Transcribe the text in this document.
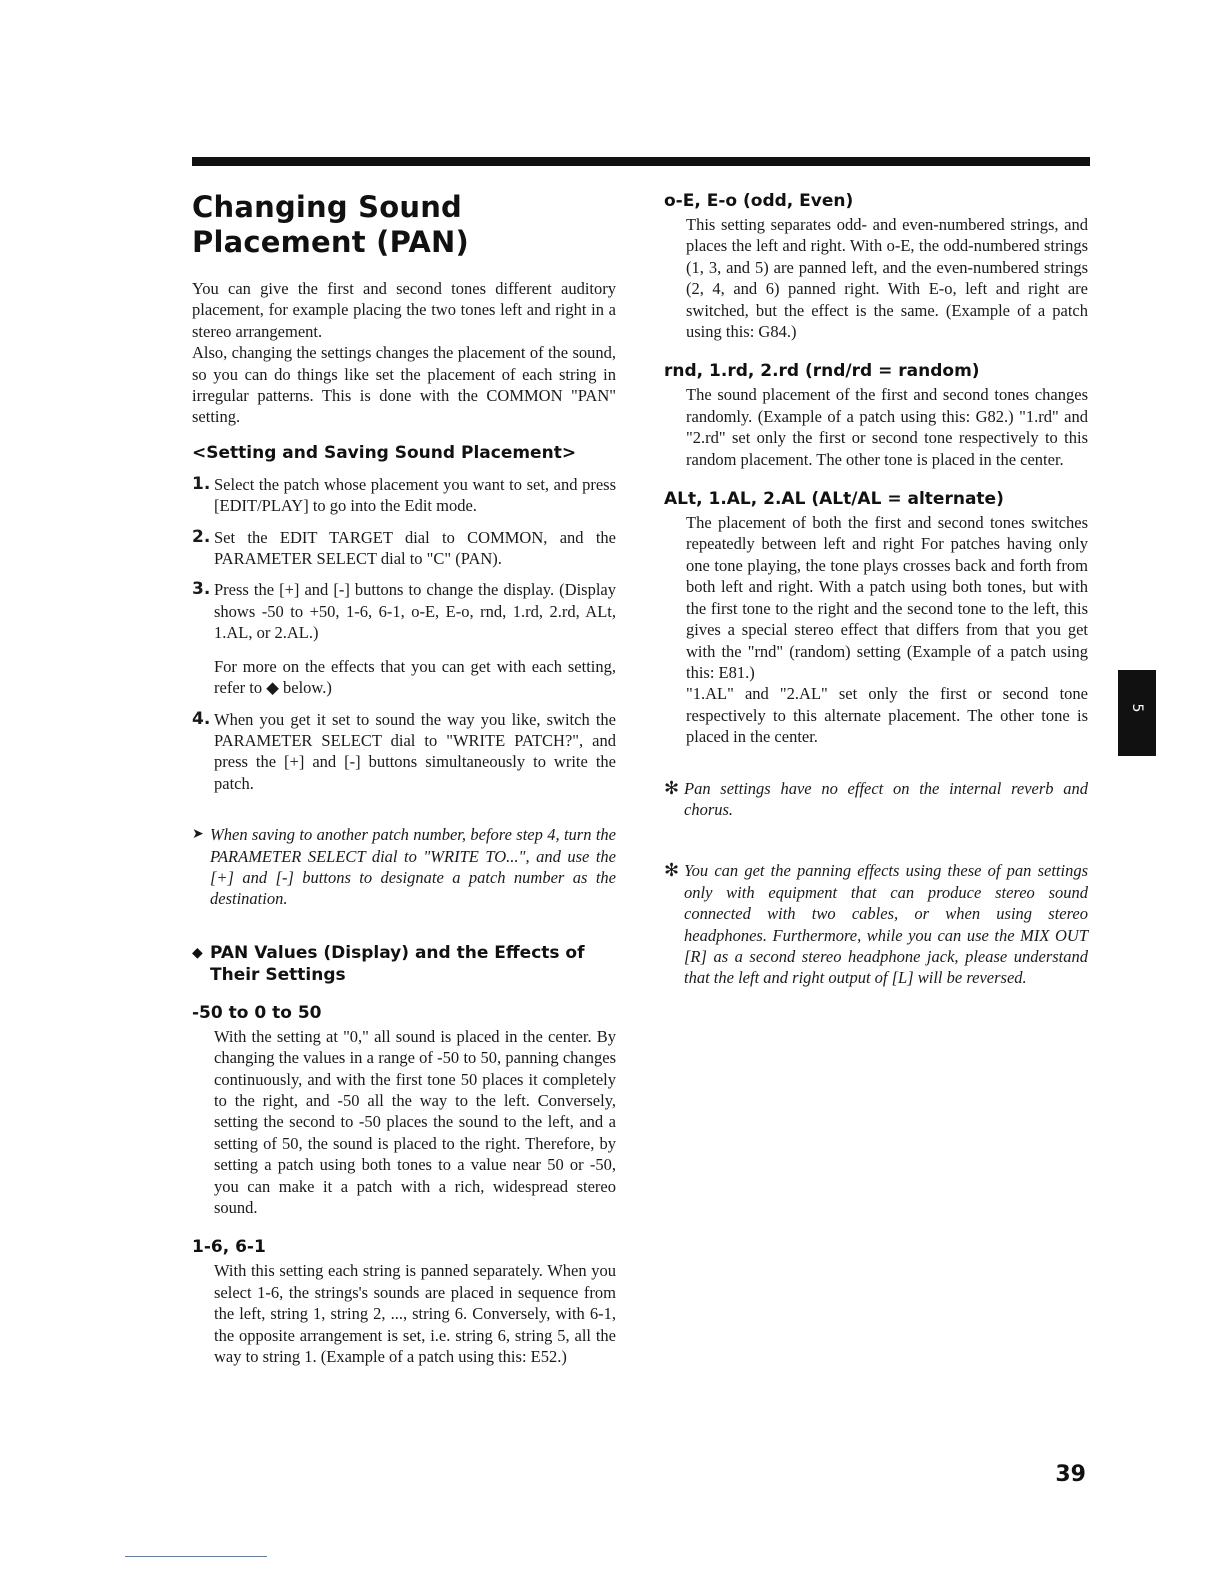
Changing Sound Placement (PAN)

You can give the first and second tones different auditory placement, for example placing the two tones left and right in a stereo arrangement.

Also, changing the settings changes the placement of the sound, so you can do things like set the placement of each string in irregular patterns. This is done with the COMMON "PAN" setting.

<Setting and Saving Sound Placement>
1. Select the patch whose placement you want to set, and press [EDIT/PLAY] to go into the Edit mode.

2. Set the EDIT TARGET dial to COMMON, and the PARAMETER SELECT dial to "C" (PAN).

3. Press the [+] and [-] buttons to change the display. (Display shows -50 to +50, 1-6, 6-1, o-E, E-o, rnd, 1.rd, 2.rd, ALt, 1.AL, or 2.AL.)

For more on the effects that you can get with each setting, refer to ◆ below.)

4. When you get it set to sound the way you like, switch the PARAMETER SELECT dial to "WRITE PATCH?", and press the [+] and [-] buttons simultaneously to write the patch.

➤ When saving to another patch number, before step 4, turn the PARAMETER SELECT dial to "WRITE TO...", and use the [+] and [-] buttons to designate a patch number as the destination.

◆ PAN Values (Display) and the Effects of
Their Settings
-50 to 0 to 50

With the setting at "0," all sound is placed in the center. By changing the values in a range of -50 to 50, panning changes continuously, and with the first tone 50 places it completely to the right, and -50 all the way to the left. Conversely, setting the second to -50 places the sound to the left, and a setting of 50, the sound is placed to the right. Therefore, by setting a patch using both tones to a value near 50 or -50, you can make it a patch with a rich, widespread stereo sound.

1-6, 6-1

With this setting each string is panned separately. When you select 1-6, the strings's sounds are placed in sequence from the left, string 1, string 2, ..., string 6. Conversely, with 6-1, the opposite arrangement is set, i.e. string 6, string 5, all the way to string 1. (Example of a patch using this: E52.)

o-E, E-o (odd, Even)

This setting separates odd- and even-numbered strings, and places the left and right. With o-E, the odd-numbered strings (1, 3, and 5) are panned left, and the even-numbered strings (2, 4, and 6) panned right. With E-o, left and right are switched, but the effect is the same. (Example of a patch using this: G84.)

rnd, 1.rd, 2.rd (rnd/rd = random)

The sound placement of the first and second tones changes randomly. (Example of a patch using this: G82.) "1.rd" and "2.rd" set only the first or second tone respectively to this random placement. The other tone is placed in the center.

ALt, 1.AL, 2.AL (ALt/AL = alternate)

The placement of both the first and second tones switches repeatedly between left and right For patches having only one tone playing, the tone plays crosses back and forth from both left and right. With a patch using both tones, but with the first tone to the right and the second tone to the left, this gives a special stereo effect that differs from that you get with the "rnd" (random) setting (Example of a patch using this: E81.)

"1.AL" and "2.AL" set only the first or second tone respectively to this alternate placement. The other tone is placed in the center.

✻ Pan settings have no effect on the internal reverb and chorus.

✻ You can get the panning effects using these of pan settings only with equipment that can produce stereo sound connected with two cables, or when using stereo headphones. Furthermore, while you can use the MIX OUT [R] as a second stereo headphone jack, please understand that the left and right output of [L] will be reversed.

5
39
